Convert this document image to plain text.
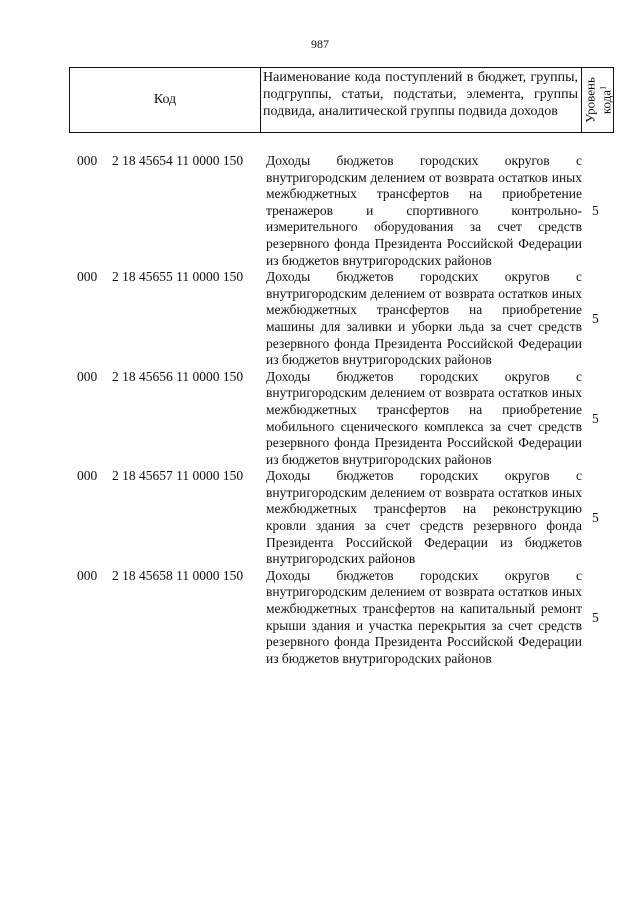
987
Код
Наименование кода поступлений в бюджет, группы, подгруппы, статьи, подстатьи, элемента, группы подвида, аналитической группы подвида доходов	Уровень
кода$^1$
000 2 18 45654 11 0000 150 Доходы бюджетов городских округов с внутригородским делением от возврата остатков иных межбюджетных трансфертов на приобретение тренажеров и спортивного контрольно-измерительного оборудования за счет средств резервного фонда Президента Российской Федерации из бюджетов внутригородских районов
5
000 2 18 45655 11 0000 150 Доходы бюджетов городских округов с внутригородским делением от возврата остатков иных межбюджетных трансфертов на приобретение машины для заливки и уборки льда за счет средств резервного фонда Президента Российской Федерации из бюджетов внутригородских районов
5
000 2 18 45656 11 0000 150 Доходы бюджетов городских округов с внутригородским делением от возврата остатков иных межбюджетных трансфертов на приобретение мобильного сценического комплекса за счет средств резервного фонда Президента Российской Федерации из бюджетов внутригородских районов
5
000 2 18 45657 11 0000 150 Доходы бюджетов городских округов с внутригородским делением от возврата остатков иных межбюджетных трансфертов на реконструкцию кровли здания за счет средств резервного фонда Президента Российской Федерации из бюджетов внутригородских районов
5
000 2 18 45658 11 0000 150 Доходы бюджетов городских округов с внутригородским делением от возврата остатков иных межбюджетных трансфертов на капитальный ремонт крыши здания и участка перекрытия за счет средств резервного фонда Президента Российской Федерации из бюджетов внутригородских районов
5
